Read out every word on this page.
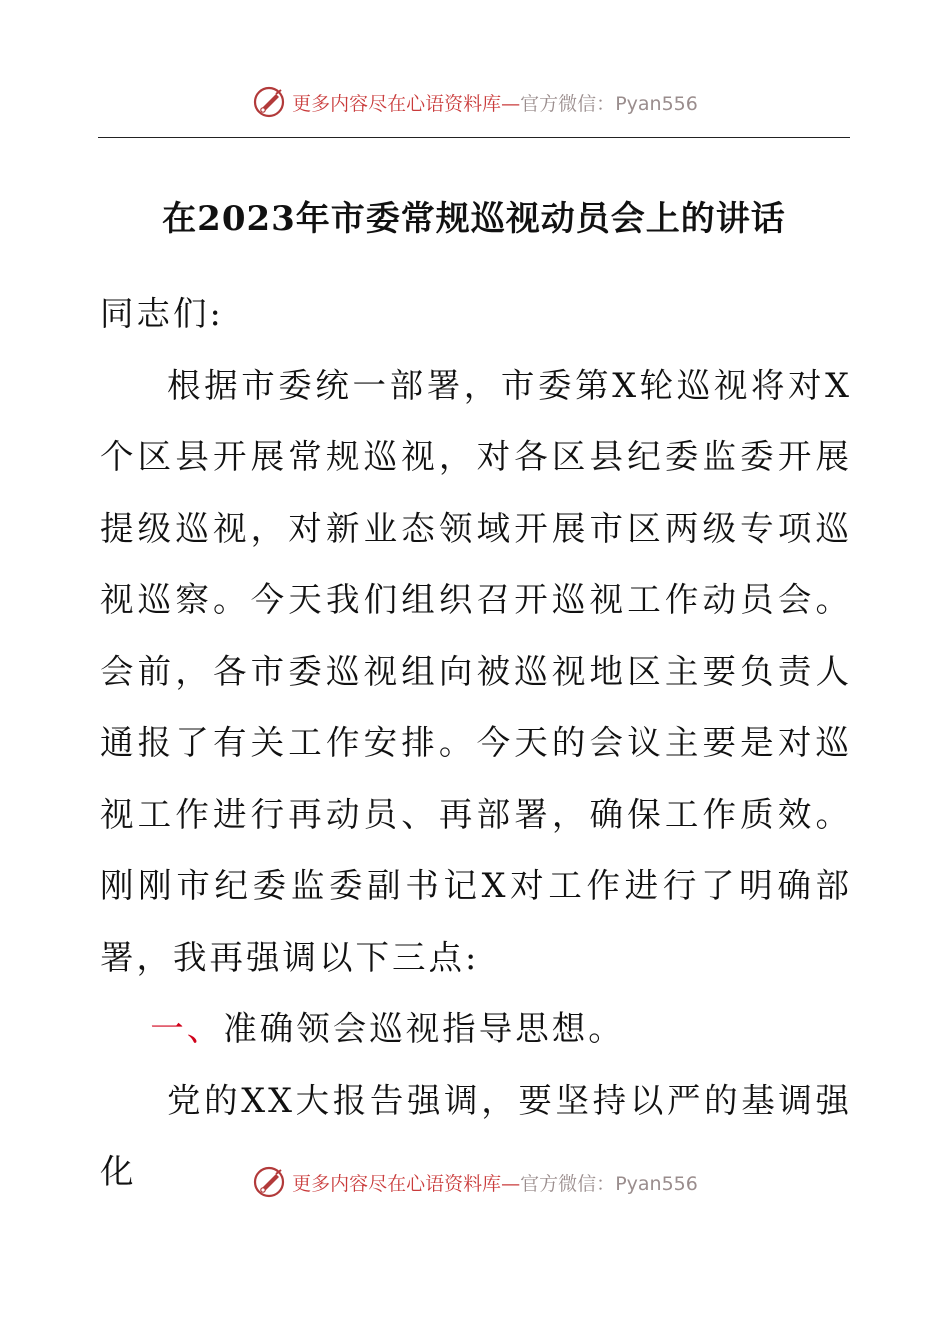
更多内容尽在心语资料库—官方微信：Pyan556
在2023年市委常规巡视动员会上的讲话

同志们:

根据市委统一部署，市委第X轮巡视将对X个区县开展常规巡视，对各区县纪委监委开展提级巡视，对新业态领域开展市区两级专项巡视巡察。今天我们组织召开巡视工作动员会。会前，各市委巡视组向被巡视地区主要负责人通报了有关工作安排。今天的会议主要是对巡视工作进行再动员、再部署，确保工作质效。刚刚市纪委监委副书记X对工作进行了明确部署，我再强调以下三点:

一、准确领会巡视指导思想。

党的XX大报告强调，要坚持以严的基调强化	更多内容尽在心语资料库—官方微信：Pyan556
